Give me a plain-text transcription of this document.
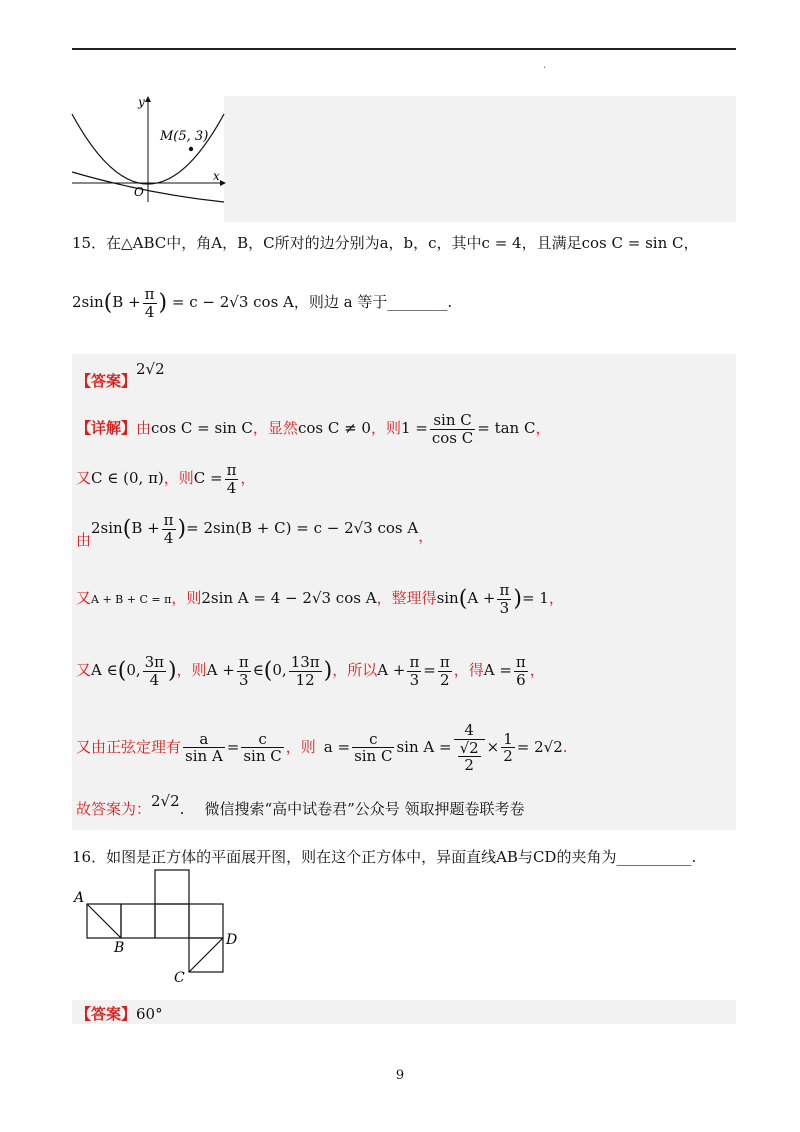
.
M(5, 3)
y
x
O
15．在△ABC中，角A，B，C所对的边分别为a，b，c，其中c = 4，且满足cos C = sin C，
$2\sin(B + \frac{\pi}{4}$ ) = c − 2√3 cos A，则边 a 等于________.
【答案】2√2
【详解】由cos C = sin C，显然cos C ≠ 0，则$1 = \frac{\text{sin C}}{\text{cos C}} = \tan C$，
又C ∈ (0, π)，则$C = \frac{\pi}{4}$ ，
由$2\sin(B + \frac{\pi}{4}$ )= 2sin(B + C) = c − 2√3 cos A，
又A + B + C = π，则2sin A = 4 − 2√3 cos A，整理得$\sin(A + \frac{\pi}{3}$ )= 1，
又A ∈(0, $\frac{3\pi}{4}$ )，则$A + \frac{\pi}{3}$ ∈(0, $\frac{13\pi}{12}$ )，所以$A + \frac{\pi}{3} = \frac{\pi}{2}$ ，得$A = \frac{\pi}{6}$ ，
又由正弦定理有 $\frac{a}{\text{sin A}} = \frac{c}{\text{sin C}}$ ，则 $a = \frac{c}{\text{sin C}}$ $\sin A = \frac{4}{\frac{√2}{2}} \times \frac{1}{2} = 2√2$.
故答案为：2√2. 微信搜索“高中试卷君”公众号 领取押题卷联考卷
16．如图是正方体的平面展开图，则在这个正方体中，异面直线AB与CD的夹角为__________.
A
B
C
D
【答案】60°
9
